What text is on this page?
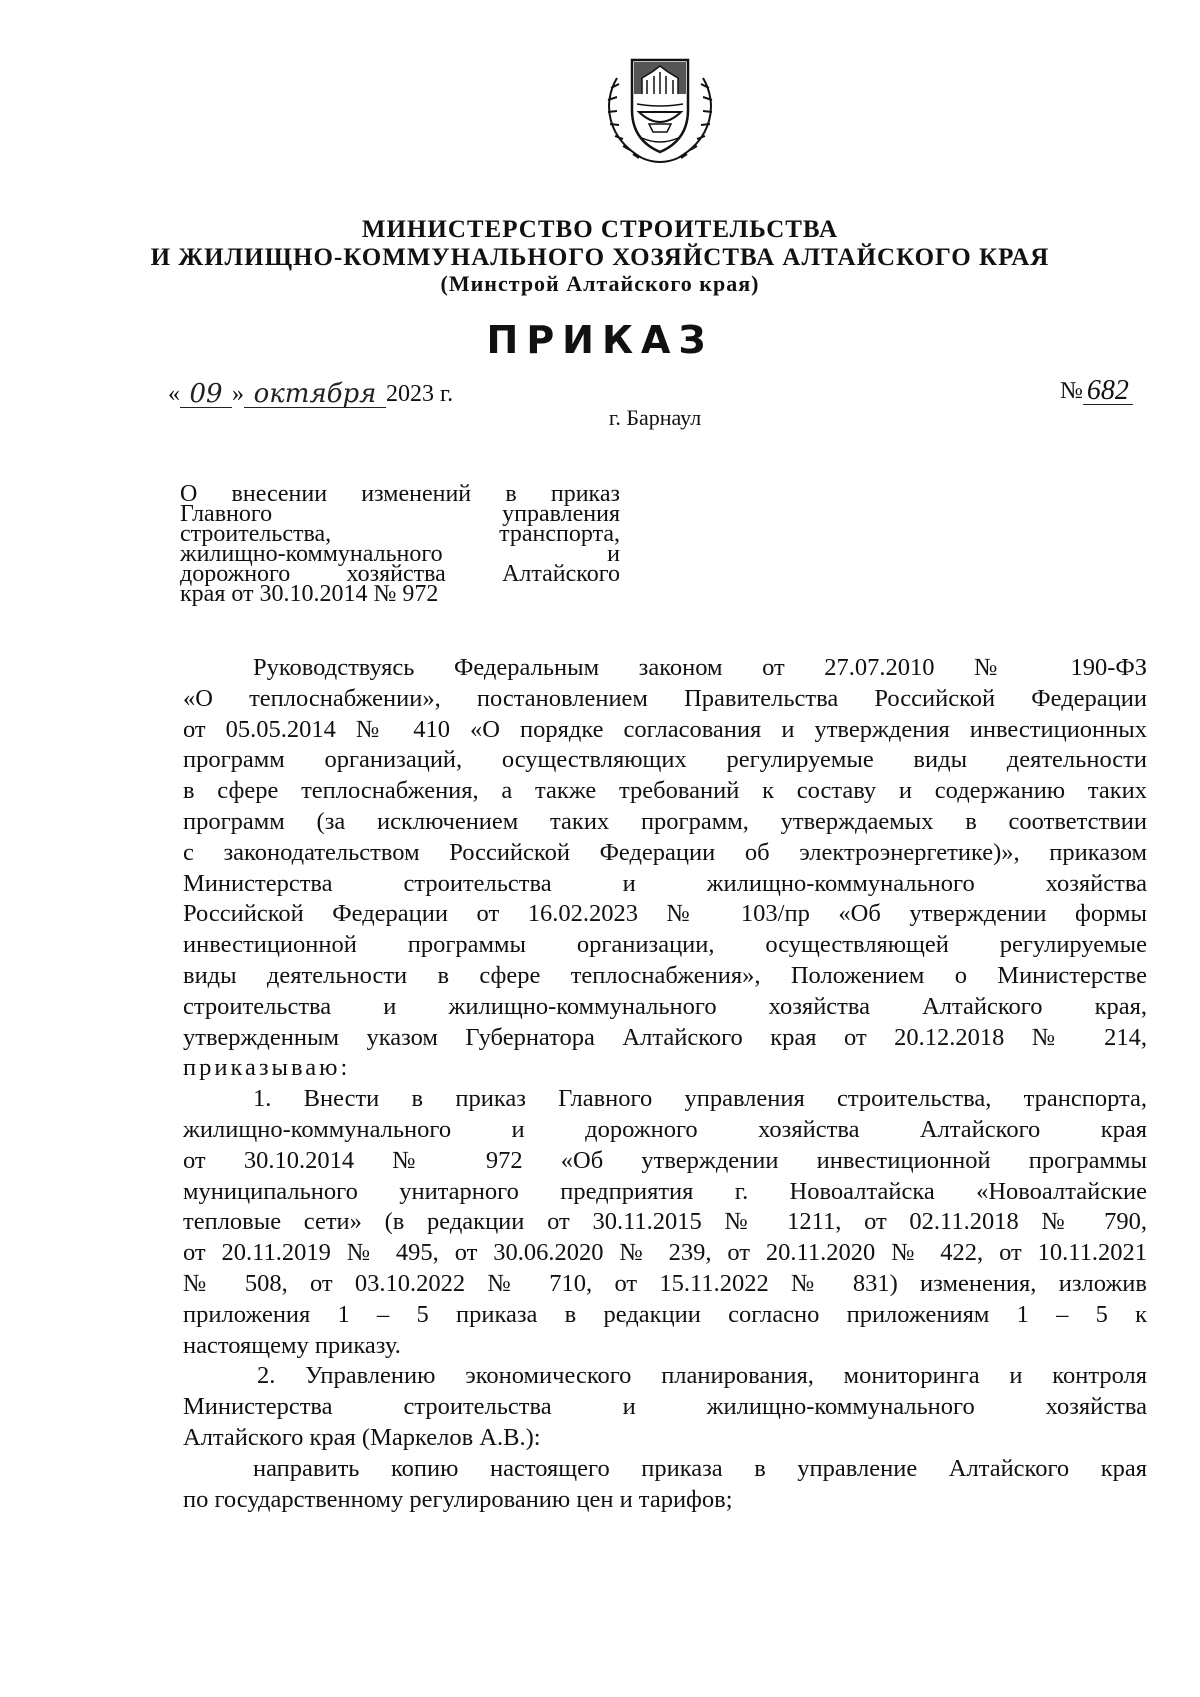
МИНИСТЕРСТВО СТРОИТЕЛЬСТВА
И ЖИЛИЩНО-КОММУНАЛЬНОГО ХОЗЯЙСТВА АЛТАЙСКОГО КРАЯ
(Минстрой Алтайского края)
ПРИКАЗ
« 09 » октября 2023 г.	№ 682
г. Барнаул
О внесении изменений в приказ
Главного	управления
строительства,	транспорта,
жилищно-коммунального	и
дорожного хозяйства Алтайского
края от 30.10.2014 № 972

Руководствуясь Федеральным законом от 27.07.2010 № 190-ФЗ

«О теплоснабжении», постановлением Правительства Российской Федерации

от 05.05.2014 № 410 «О порядке согласования и утверждения инвестиционных

программ организаций, осуществляющих регулируемые виды деятельности

в сфере теплоснабжения, а также требований к составу и содержанию таких

программ (за исключением таких программ, утверждаемых в соответствии

с законодательством Российской Федерации об электроэнергетике)», приказом

Министерства строительства и жилищно-коммунального хозяйства

Российской Федерации от 16.02.2023 № 103/пр «Об утверждении формы

инвестиционной программы организации, осуществляющей регулируемые

виды деятельности в сфере теплоснабжения», Положением о Министерстве

строительства и жилищно-коммунального хозяйства Алтайского края,

утвержденным указом Губернатора Алтайского края от 20.12.2018 № 214,

приказываю:

1. Внести в приказ Главного управления строительства, транспорта,

жилищно-коммунального и дорожного хозяйства Алтайского края

от 30.10.2014 № 972 «Об утверждении инвестиционной программы

муниципального унитарного предприятия г. Новоалтайска «Новоалтайские

тепловые сети» (в редакции от 30.11.2015 № 1211, от 02.11.2018 № 790,

от 20.11.2019 № 495, от 30.06.2020 № 239, от 20.11.2020 № 422, от 10.11.2021

№ 508, от 03.10.2022 № 710, от 15.11.2022 № 831) изменения, изложив

приложения 1 – 5 приказа в редакции согласно приложениям 1 – 5 к

настоящему приказу.

2. Управлению экономического планирования, мониторинга и контроля

Министерства строительства и жилищно-коммунального хозяйства

Алтайского края (Маркелов А.В.):

направить копию настоящего приказа в управление Алтайского края

по государственному регулированию цен и тарифов;
